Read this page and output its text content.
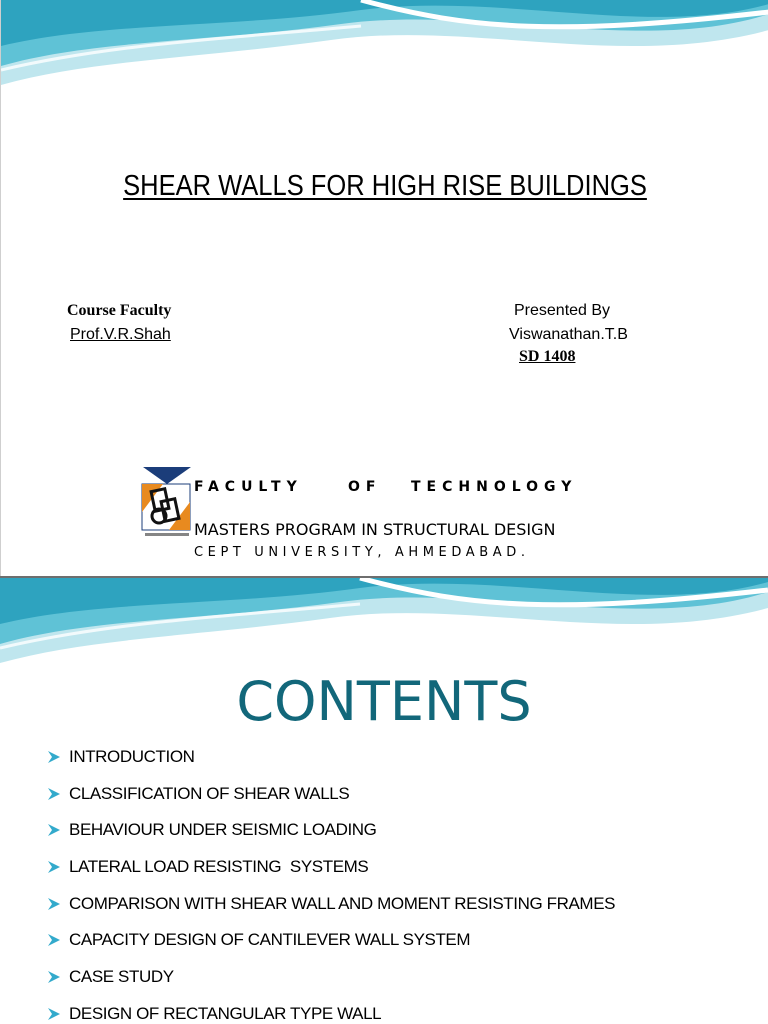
SHEAR WALLS FOR HIGH RISE BUILDINGS
Course Faculty
Prof.V.R.Shah
Presented By
Viswanathan.T.B
SD 1408
FACULTY	OF TECHNOLOGY
MASTERS PROGRAM IN STRUCTURAL DESIGN
CEPT UNIVERSITY, AHMEDABAD.
CONTENTS
INTRODUCTION
CLASSIFICATION OF SHEAR WALLS
BEHAVIOUR UNDER SEISMIC LOADING
LATERAL LOAD RESISTING  SYSTEMS
COMPARISON WITH SHEAR WALL AND MOMENT RESISTING FRAMES
CAPACITY DESIGN OF CANTILEVER WALL SYSTEM
CASE STUDY
DESIGN OF RECTANGULAR TYPE WALL
